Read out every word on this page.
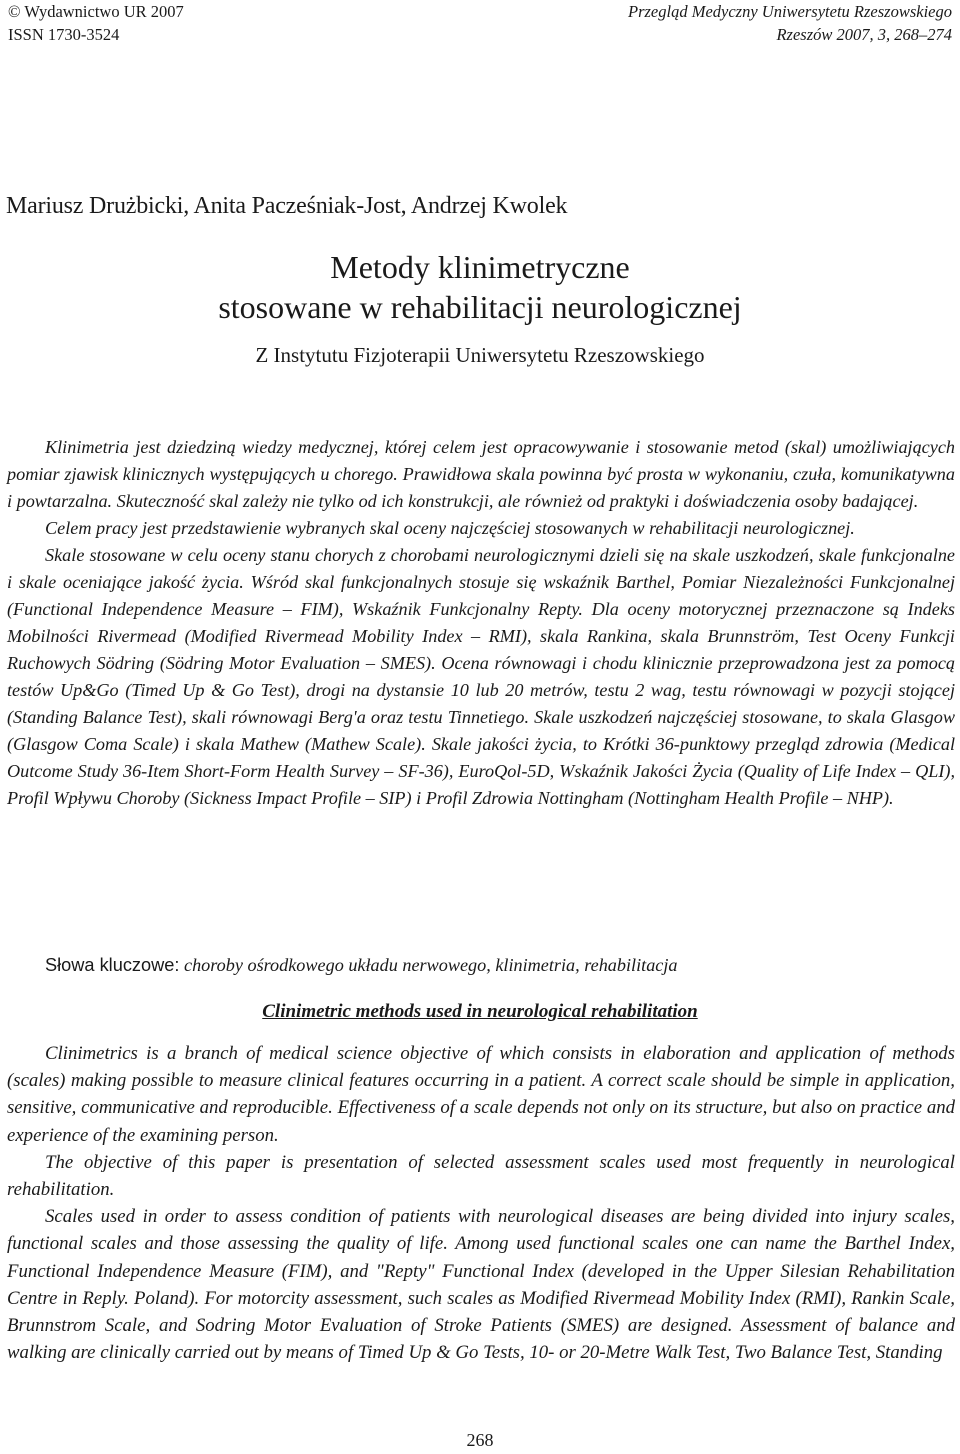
© Wydawnictwo UR 2007
ISSN 1730-3524
Przegląd Medyczny Uniwersytetu Rzeszowskiego
Rzeszów 2007, 3, 268–274
Mariusz Drużbicki, Anita Pacześniak-Jost, Andrzej Kwolek
Metody klinimetryczne
stosowane w rehabilitacji neurologicznej
Z Instytutu Fizjoterapii Uniwersytetu Rzeszowskiego

Klinimetria jest dziedziną wiedzy medycznej, której celem jest opracowywanie i stosowanie metod (skal) umożliwiających pomiar zjawisk klinicznych występujących u chorego. Prawidłowa skala powinna być prosta w wykonaniu, czuła, komunikatywna i powtarzalna. Skuteczność skal zależy nie tylko od ich konstrukcji, ale również od praktyki i doświadczenia osoby badającej.

Celem pracy jest przedstawienie wybranych skal oceny najczęściej stosowanych w rehabilitacji neurologicznej.

Skale stosowane w celu oceny stanu chorych z chorobami neurologicznymi dzieli się na skale uszkodzeń, skale funkcjonalne i skale oceniające jakość życia. Wśród skal funkcjonalnych stosuje się wskaźnik Barthel, Pomiar Niezależności Funkcjonalnej (Functional Independence Measure – FIM), Wskaźnik Funkcjonalny Repty. Dla oceny motorycznej przeznaczone są Indeks Mobilności Rivermead (Modified Rivermead Mobility Index – RMI), skala Rankina, skala Brunnström, Test Oceny Funkcji Ruchowych Södring (Södring Motor Evaluation – SMES). Ocena równowagi i chodu klinicznie przeprowadzona jest za pomocą testów Up&Go (Timed Up & Go Test), drogi na dystansie 10 lub 20 metrów, testu 2 wag, testu równowagi w pozycji stojącej (Standing Balance Test), skali równowagi Berg'a oraz testu Tinnetiego. Skale uszkodzeń najczęściej stosowane, to skala Glasgow (Glasgow Coma Scale) i skala Mathew (Mathew Scale). Skale jakości życia, to Krótki 36-punktowy przegląd zdrowia (Medical Outcome Study 36-Item Short-Form Health Survey – SF-36), EuroQol-5D, Wskaźnik Jakości Życia (Quality of Life Index – QLI), Profil Wpływu Choroby (Sickness Impact Profile – SIP) i Profil Zdrowia Nottingham (Nottingham Health Profile – NHP).

Słowa kluczowe: choroby ośrodkowego układu nerwowego, klinimetria, rehabilitacja
Clinimetric methods used in neurological rehabilitation

Clinimetrics is a branch of medical science objective of which consists in elaboration and application of methods (scales) making possible to measure clinical features occurring in a patient. A correct scale should be simple in application, sensitive, communicative and reproducible. Effectiveness of a scale depends not only on its structure, but also on practice and experience of the examining person.

The objective of this paper is presentation of selected assessment scales used most frequently in neurological rehabilitation.

Scales used in order to assess condition of patients with neurological diseases are being divided into injury scales, functional scales and those assessing the quality of life. Among used functional scales one can name the Barthel Index, Functional Independence Measure (FIM), and "Repty" Functional Index (developed in the Upper Silesian Rehabilitation Centre in Reply. Poland). For motorcity assessment, such scales as Modified Rivermead Mobility Index (RMI), Rankin Scale, Brunnstrom Scale, and Sodring Motor Evaluation of Stroke Patients (SMES) are designed. Assessment of balance and walking are clinically carried out by means of Timed Up & Go Tests, 10- or 20-Metre Walk Test, Two Balance Test, Standing

268
